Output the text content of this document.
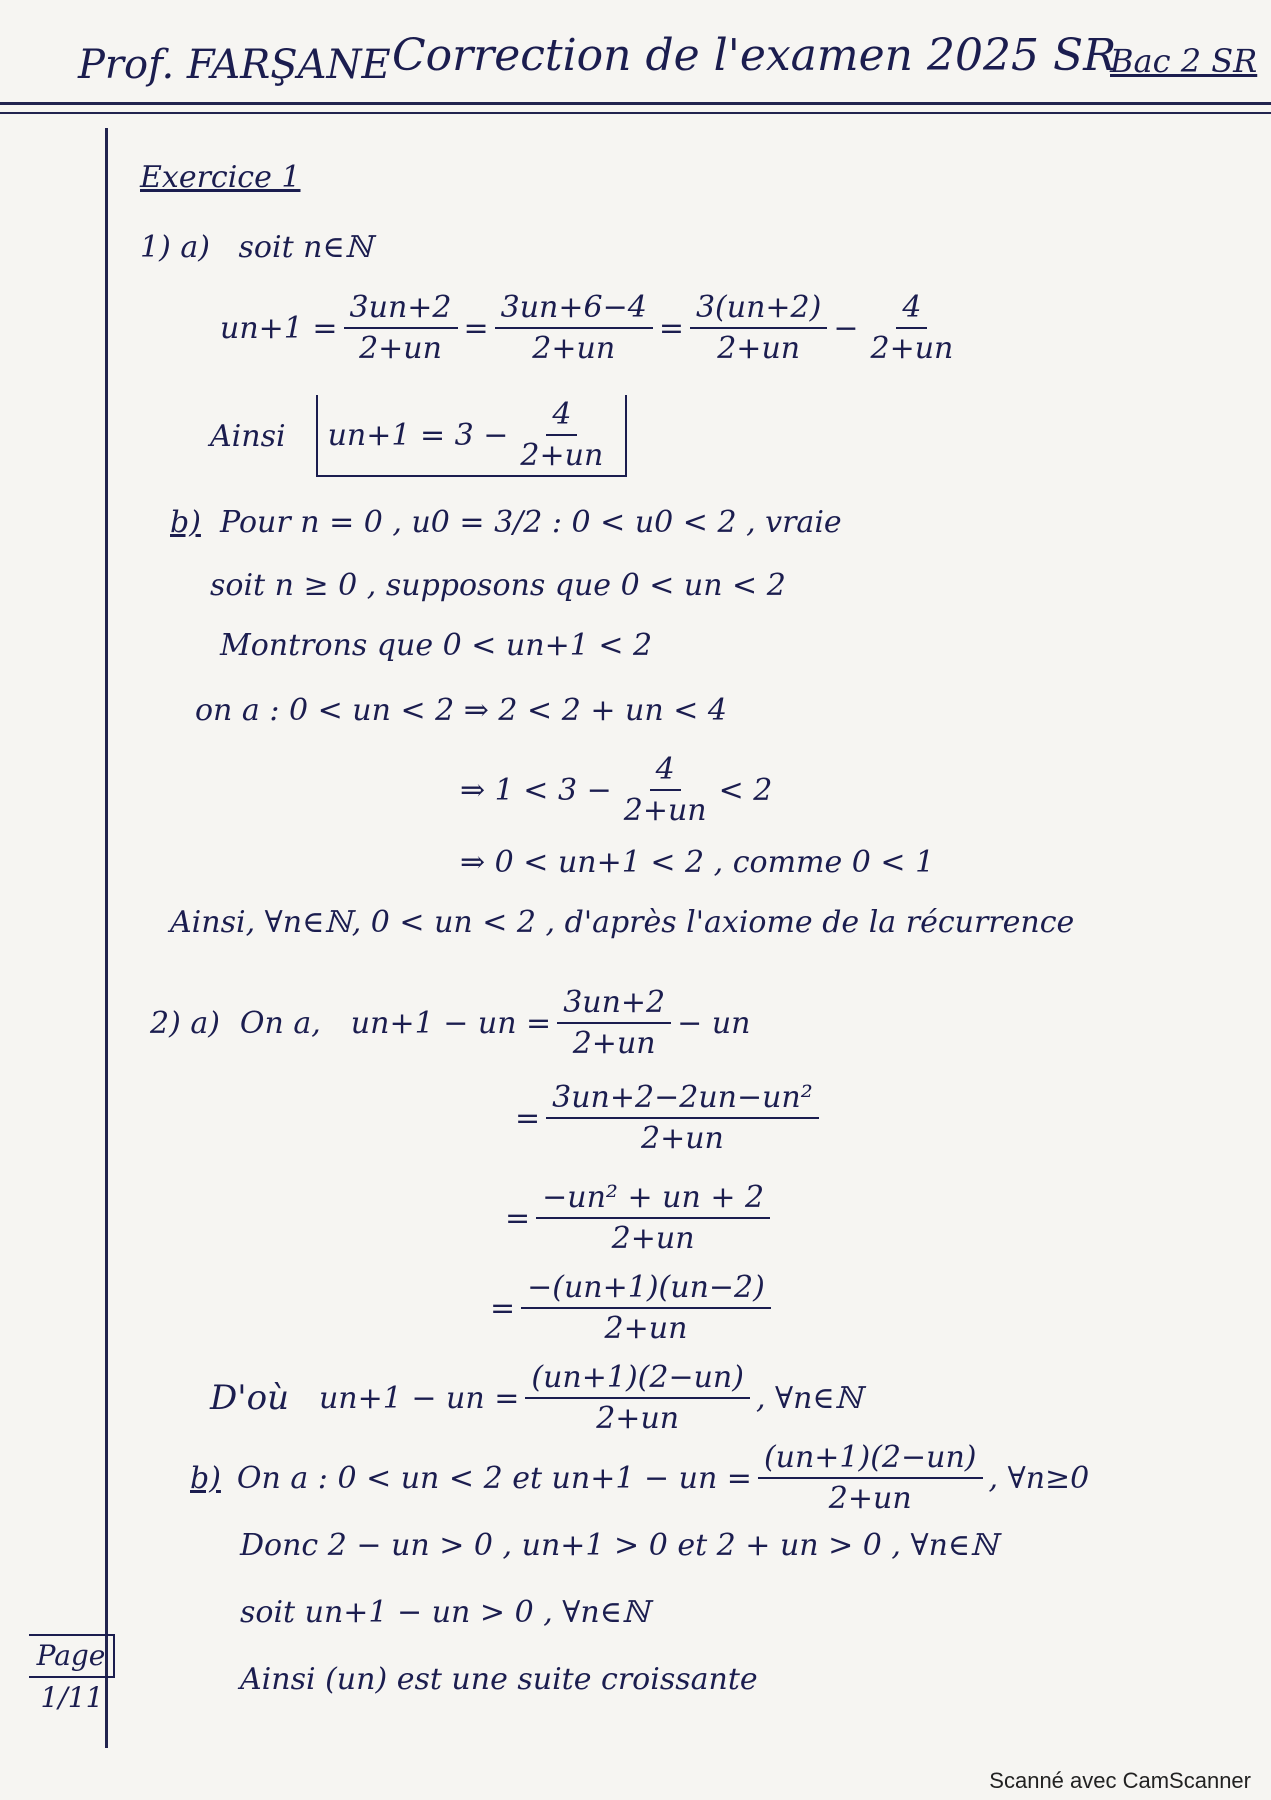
Prof. FARŞANE Correction de l'examen 2025 SR
Bac 2 SR
Exercice 1
1) a) soit n∈ℕ
$un+1 = \frac{3un+2}{2+un} = \frac{3un+6-4}{2+un} = \frac{3(un+2)}{2+un} - \frac{4}{2+un}$
Ainsi $un+1 = 3 - \frac{4}{2+un}$
b) Pour n = 0 , u0 = 3/2 : 0 < u0 < 2 , vraie
soit n ≥ 0 , supposons que 0 < un < 2
Montrons que 0 < un+1 < 2
on a : 0 < un < 2 ⇒ 2 < 2 + un < 4
⇒ $1 < 3 - \frac{4}{2+un} < 2$
⇒ 0 < un+1 < 2 , comme 0 < 1
Ainsi, ∀n∈ℕ, 0 < un < 2 , d'après l'axiome de la récurrence
2) a) On a, un+1 − un = $\frac{3un+2}{2+un}$ − un
= $\frac{\text{3un+2−2un−un²}}{2+un}$
= $\frac{\text{−un² + un + 2}}{2+un}$
= $\frac{-(un+1)(un-2)}{2+un}$
D'où un+1 − un = $\frac{(un+1)(2-un)}{2+un}$ , ∀n∈ℕ
b) On a : 0 < un < 2 et un+1 − un = $\frac{(un+1)(2-un)}{2+un}$ , ∀n≥0
Donc 2 − un > 0 , un+1 > 0 et 2 + un > 0 , ∀n∈ℕ
soit un+1 − un > 0 , ∀n∈ℕ
Ainsi (un) est une suite croissante
Page
1/11
Scanné avec CamScanner
